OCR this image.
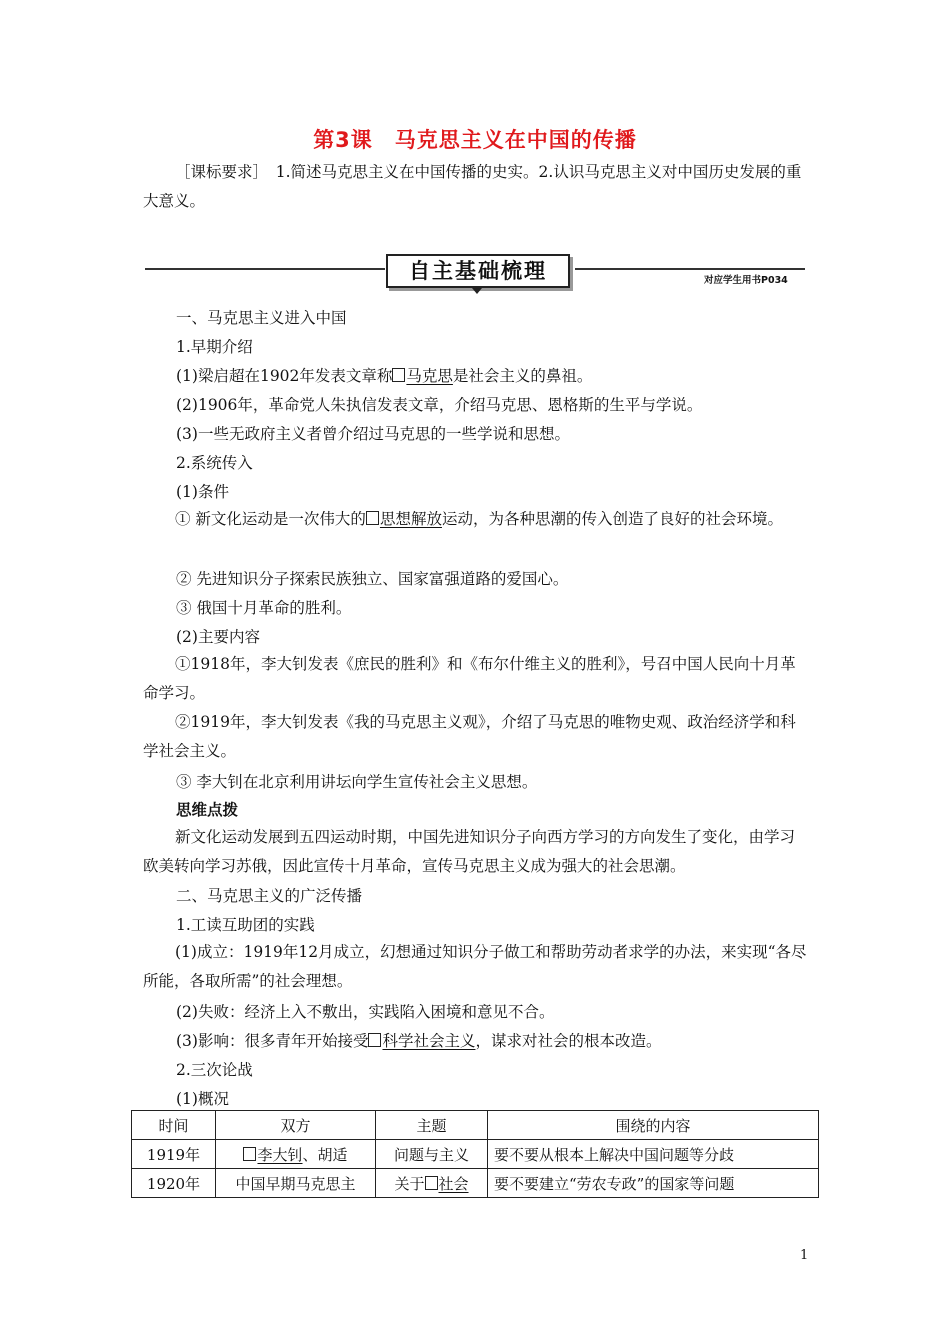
第3课　马克思主义在中国的传播
［课标要求］　1.简述马克思主义在中国传播的史实。2.认识马克思主义对中国历史发展的重大意义。
自主基础梳理	对应学生用书P034
一、马克思主义进入中国
1.早期介绍
(1)梁启超在1902年发表文章称 马克思是社会主义的鼻祖。
(2)1906年，革命党人朱执信发表文章，介绍马克思、恩格斯的生平与学说。
(3)一些无政府主义者曾介绍过马克思的一些学说和思想。
2.系统传入
(1)条件
① 新文化运动是一次伟大的 思想解放运动，为各种思潮的传入创造了良好的社会环境。
② 先进知识分子探索民族独立、国家富强道路的爱国心。
③ 俄国十月革命的胜利。
(2)主要内容
①1918年，李大钊发表《庶民的胜利》和《布尔什维主义的胜利》，号召中国人民向十月革命学习。
②1919年，李大钊发表《我的马克思主义观》，介绍了马克思的唯物史观、政治经济学和科学社会主义。
③ 李大钊在北京利用讲坛向学生宣传社会主义思想。
思维点拨
新文化运动发展到五四运动时期，中国先进知识分子向西方学习的方向发生了变化，由学习欧美转向学习苏俄，因此宣传十月革命，宣传马克思主义成为强大的社会思潮。
二、马克思主义的广泛传播
1.工读互助团的实践
(1)成立：1919年12月成立，幻想通过知识分子做工和帮助劳动者求学的办法，来实现“各尽所能，各取所需”的社会理想。
(2)失败：经济上入不敷出，实践陷入困境和意见不合。
(3)影响：很多青年开始接受 科学社会主义，谋求对社会的根本改造。
2.三次论战
(1)概况
时间	双方	主题	围绕的内容
1919年	李大钊、胡适	问题与主义	要不要从根本上解决中国问题等分歧
1920年	中国早期马克思主	关于 社会	要不要建立“劳农专政”的国家等问题
1
